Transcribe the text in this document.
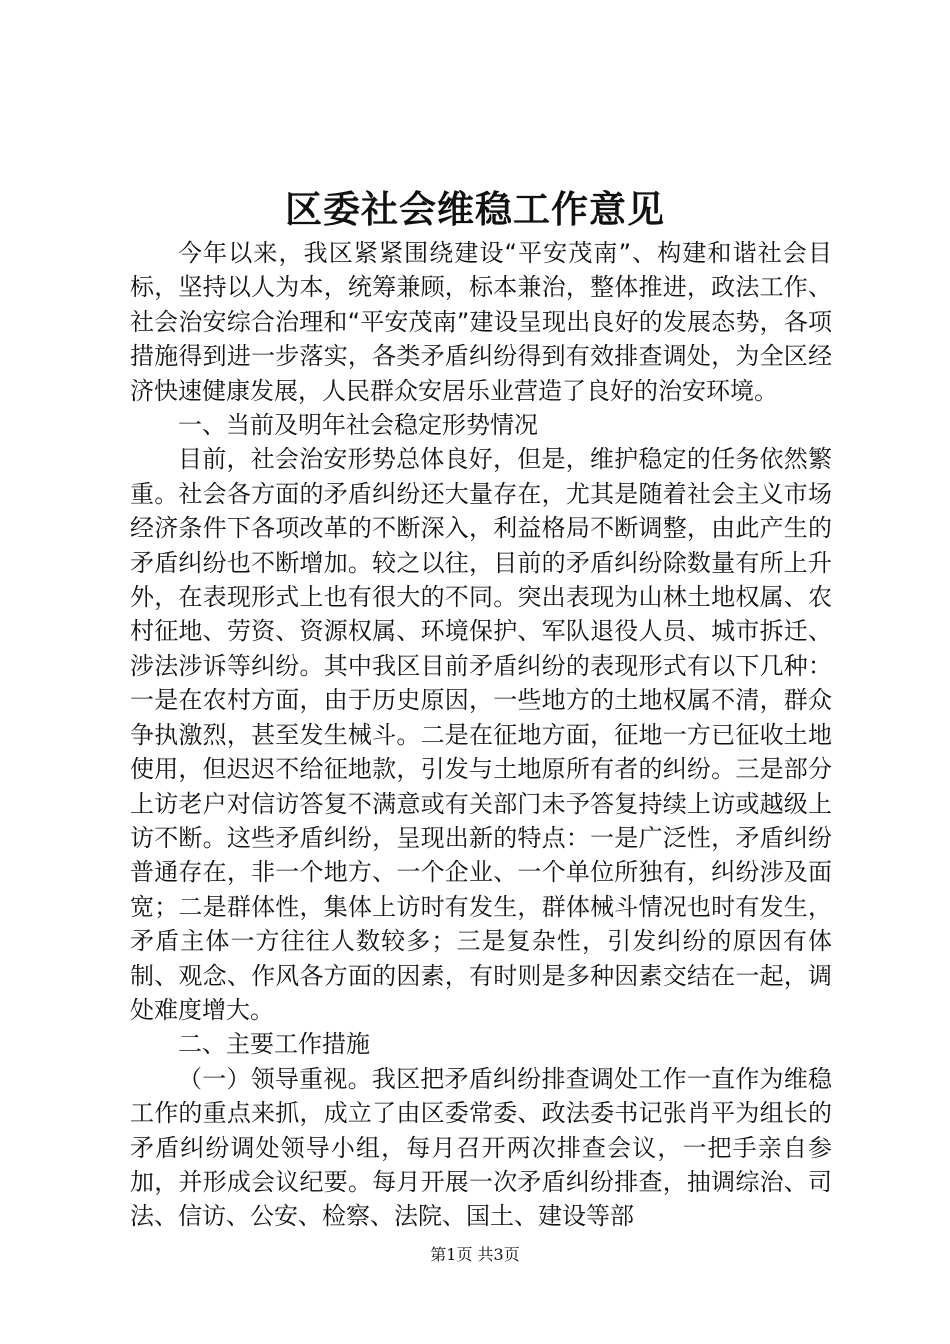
区委社会维稳工作意见

今年以来，我区紧紧围绕建设“平安茂南”、构建和谐社会目标，坚持以人为本，统筹兼顾，标本兼治，整体推进，政法工作、社会治安综合治理和“平安茂南”建设呈现出良好的发展态势，各项措施得到进一步落实，各类矛盾纠纷得到有效排查调处，为全区经济快速健康发展，人民群众安居乐业营造了良好的治安环境。

一、当前及明年社会稳定形势情况

目前，社会治安形势总体良好，但是，维护稳定的任务依然繁重。社会各方面的矛盾纠纷还大量存在，尤其是随着社会主义市场经济条件下各项改革的不断深入，利益格局不断调整，由此产生的矛盾纠纷也不断增加。较之以往，目前的矛盾纠纷除数量有所上升外，在表现形式上也有很大的不同。突出表现为山林土地权属、农村征地、劳资、资源权属、环境保护、军队退役人员、城市拆迁、涉法涉诉等纠纷。其中我区目前矛盾纠纷的表现形式有以下几种：一是在农村方面，由于历史原因，一些地方的土地权属不清，群众争执激烈，甚至发生械斗。二是在征地方面，征地一方已征收土地使用，但迟迟不给征地款，引发与土地原所有者的纠纷。三是部分上访老户对信访答复不满意或有关部门未予答复持续上访或越级上访不断。这些矛盾纠纷，呈现出新的特点：一是广泛性，矛盾纠纷普通存在，非一个地方、一个企业、一个单位所独有，纠纷涉及面宽；二是群体性，集体上访时有发生，群体械斗情况也时有发生，矛盾主体一方往往人数较多；三是复杂性，引发纠纷的原因有体制、观念、作风各方面的因素，有时则是多种因素交结在一起，调处难度增大。

二、主要工作措施

（一）领导重视。我区把矛盾纠纷排查调处工作一直作为维稳工作的重点来抓，成立了由区委常委、政法委书记张肖平为组长的矛盾纠纷调处领导小组，每月召开两次排查会议，一把手亲自参加，并形成会议纪要。每月开展一次矛盾纠纷排查，抽调综治、司法、信访、公安、检察、法院、国土、建设等部

第1页 共3页
